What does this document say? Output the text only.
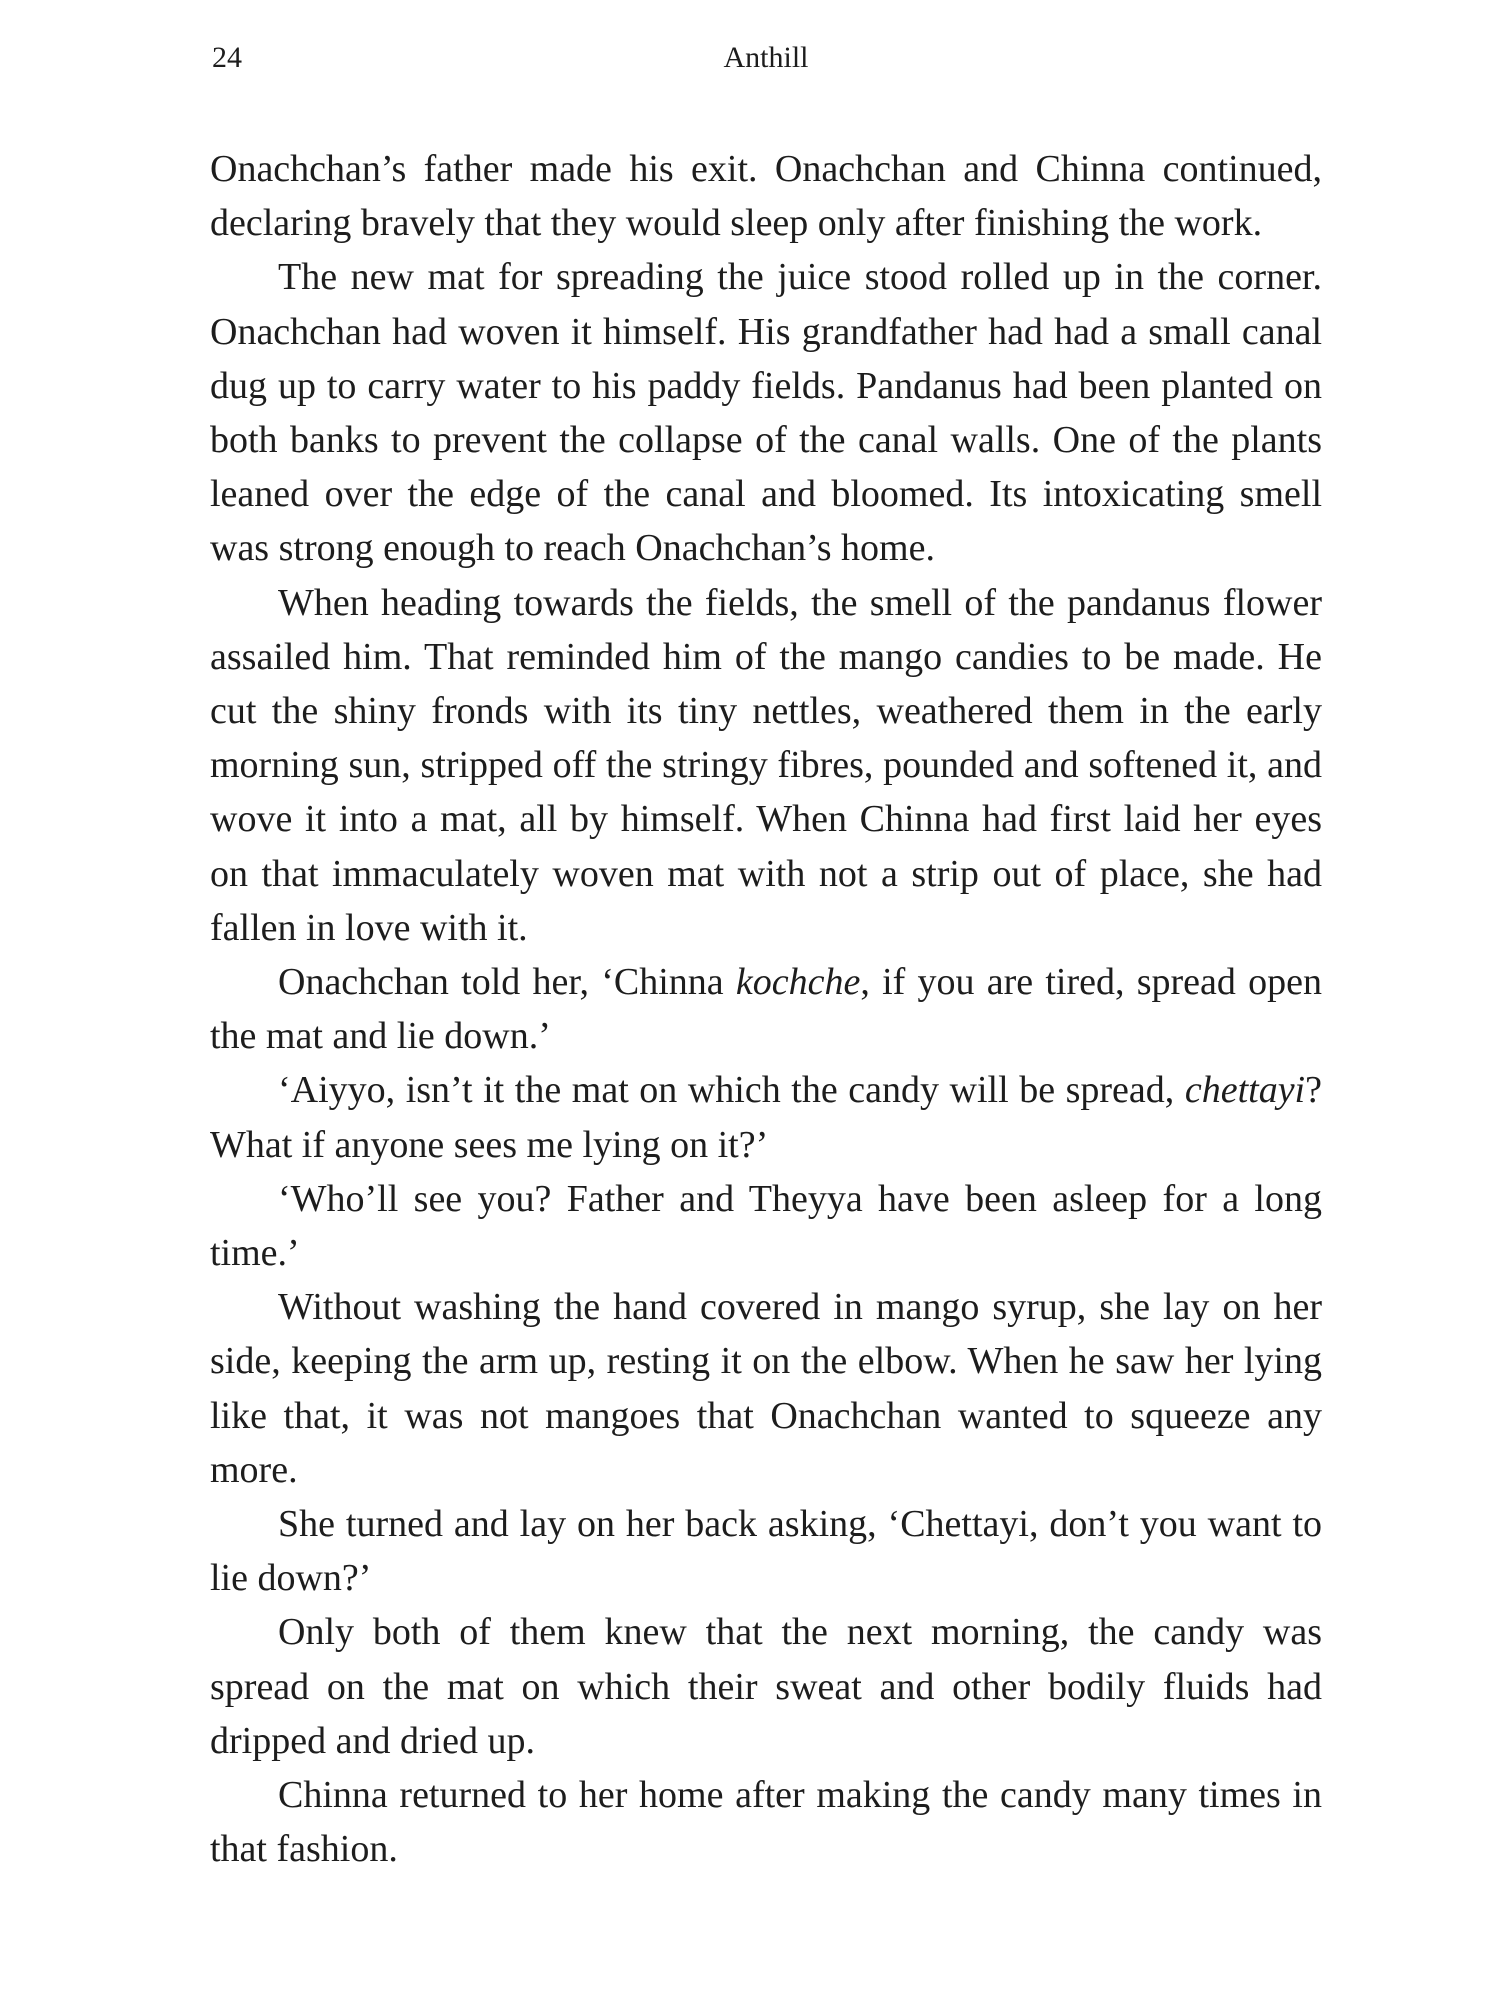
24	Anthill

Onachchan’s father made his exit. Onachchan and Chinna continued, declaring bravely that they would sleep only after finishing the work.

The new mat for spreading the juice stood rolled up in the corner. Onachchan had woven it himself. His grandfather had had a small canal dug up to carry water to his paddy fields. Pandanus had been planted on both banks to prevent the collapse of the canal walls. One of the plants leaned over the edge of the canal and bloomed. Its intoxicating smell was strong enough to reach Onachchan’s home.

When heading towards the fields, the smell of the pandanus flower assailed him. That reminded him of the mango candies to be made. He cut the shiny fronds with its tiny nettles, weathered them in the early morning sun, stripped off the stringy fibres, pounded and softened it, and wove it into a mat, all by himself. When Chinna had first laid her eyes on that immaculately woven mat with not a strip out of place, she had fallen in love with it.

Onachchan told her, ‘Chinna kochche, if you are tired, spread open the mat and lie down.’

‘Aiyyo, isn’t it the mat on which the candy will be spread, chettayi? What if anyone sees me lying on it?’

‘Who’ll see you? Father and Theyya have been asleep for a long time.’

Without washing the hand covered in mango syrup, she lay on her side, keeping the arm up, resting it on the elbow. When he saw her lying like that, it was not mangoes that Onachchan wanted to squeeze any more.

She turned and lay on her back asking, ‘Chettayi, don’t you want to lie down?’

Only both of them knew that the next morning, the candy was spread on the mat on which their sweat and other bodily fluids had dripped and dried up.

Chinna returned to her home after making the candy many times in that fashion.
